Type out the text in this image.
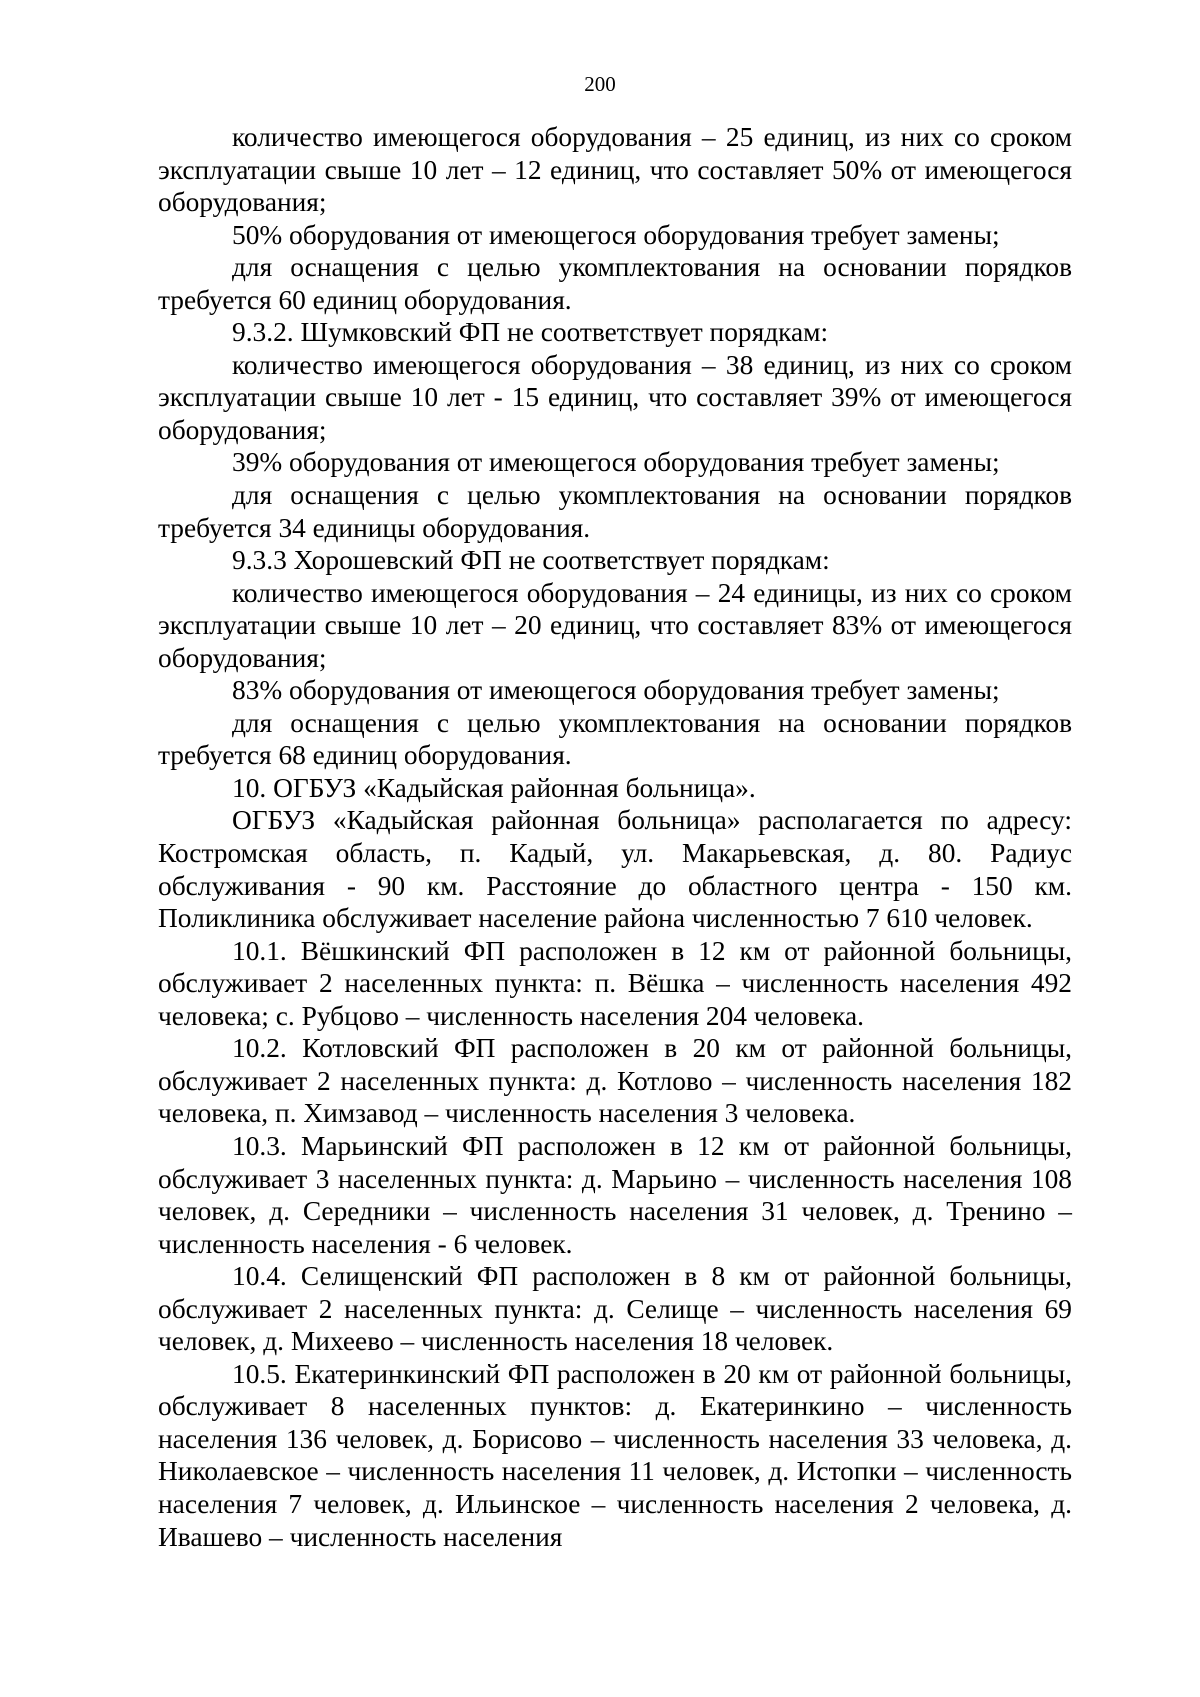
200

количество имеющегося оборудования – 25 единиц, из них со сроком эксплуатации свыше 10 лет – 12 единиц, что составляет 50% от имеющегося оборудования;

50% оборудования от имеющегося оборудования требует замены;

для оснащения с целью укомплектования на основании порядков требуется 60 единиц оборудования.

9.3.2. Шумковский ФП не соответствует порядкам:

количество имеющегося оборудования – 38 единиц, из них со сроком эксплуатации свыше 10 лет - 15 единиц, что составляет 39% от имеющегося оборудования;

39% оборудования от имеющегося оборудования требует замены;

для оснащения с целью укомплектования на основании порядков требуется 34 единицы оборудования.

9.3.3 Хорошевский ФП не соответствует порядкам:

количество имеющегося оборудования – 24 единицы, из них со сроком эксплуатации свыше 10 лет – 20 единиц, что составляет 83% от имеющегося оборудования;

83% оборудования от имеющегося оборудования требует замены;

для оснащения с целью укомплектования на основании порядков требуется 68 единиц оборудования.

10. ОГБУЗ «Кадыйская районная больница».

ОГБУЗ «Кадыйская районная больница» располагается по адресу: Костромская область, п. Кадый, ул. Макарьевская, д. 80. Радиус обслуживания - 90 км. Расстояние до областного центра - 150 км. Поликлиника обслуживает население района численностью 7 610 человек.

10.1. Вёшкинский ФП расположен в 12 км от районной больницы, обслуживает 2 населенных пункта: п. Вёшка – численность населения 492 человека; с. Рубцово – численность населения 204 человека.

10.2. Котловский ФП расположен в 20 км от районной больницы, обслуживает 2 населенных пункта: д. Котлово – численность населения 182 человека, п. Химзавод – численность населения 3 человека.

10.3. Марьинский ФП расположен в 12 км от районной больницы, обслуживает 3 населенных пункта: д. Марьино – численность населения 108 человек, д. Середники – численность населения 31 человек, д. Тренино – численность населения - 6 человек.

10.4. Селищенский ФП расположен в 8 км от районной больницы, обслуживает 2 населенных пункта: д. Селище – численность населения 69 человек, д. Михеево – численность населения 18 человек.

10.5. Екатеринкинский ФП расположен в 20 км от районной больницы, обслуживает 8 населенных пунктов: д. Екатеринкино – численность населения 136 человек, д. Борисово – численность населения 33 человека, д. Николаевское – численность населения 11 человек, д. Истопки – численность населения 7 человек, д. Ильинское – численность населения 2 человека, д. Ивашево – численность населения
